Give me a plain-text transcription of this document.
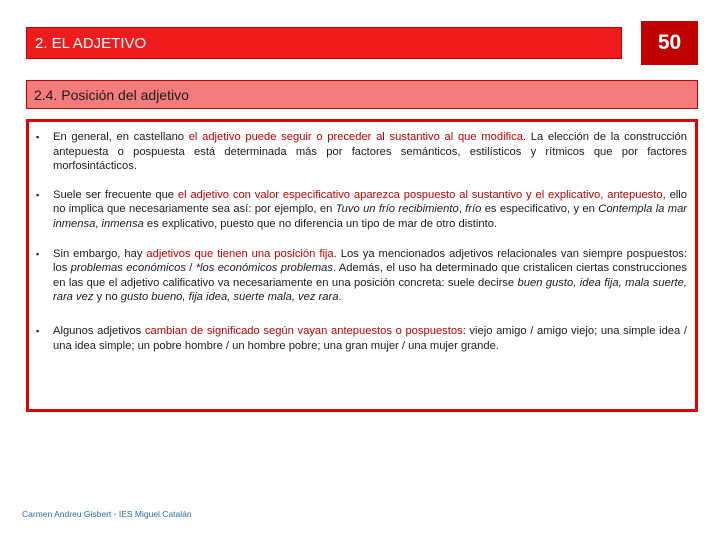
2. EL ADJETIVO	50
2.4. Posición del adjetivo
▪ En general, en castellano el adjetivo puede seguir o preceder al sustantivo al que modifica. La elección de la construcción antepuesta o pospuesta está determinada más por factores semánticos, estilísticos y rítmicos que por factores morfosintácticos.
▪ Suele ser frecuente que el adjetivo con valor especificativo aparezca pospuesto al sustantivo y el explicativo, antepuesto, ello no implica que necesariamente sea así: por ejemplo, en Tuvo un frío recibimiento, frío es especificativo, y en Contempla la mar inmensa, inmensa es explicativo, puesto que no diferencia un tipo de mar de otro distinto.
▪ Sin embargo, hay adjetivos que tienen una posición fija. Los ya mencionados adjetivos relacionales van siempre pospuestos: los problemas económicos / *los económicos problemas. Además, el uso ha determinado que cristalicen ciertas construcciones en las que el adjetivo calificativo va necesariamente en una posición concreta: suele decirse buen gusto, idea fija, mala suerte, rara vez y no gusto bueno, fija idea, suerte mala, vez rara.
▪ Algunos adjetivos cambian de significado según vayan antepuestos o pospuestos: viejo amigo / amigo viejo; una simple idea / una idea simple; un pobre hombre / un hombre pobre; una gran mujer / una mujer grande.
Carmen Andreu Gisbert - IES Miguel Catalán
